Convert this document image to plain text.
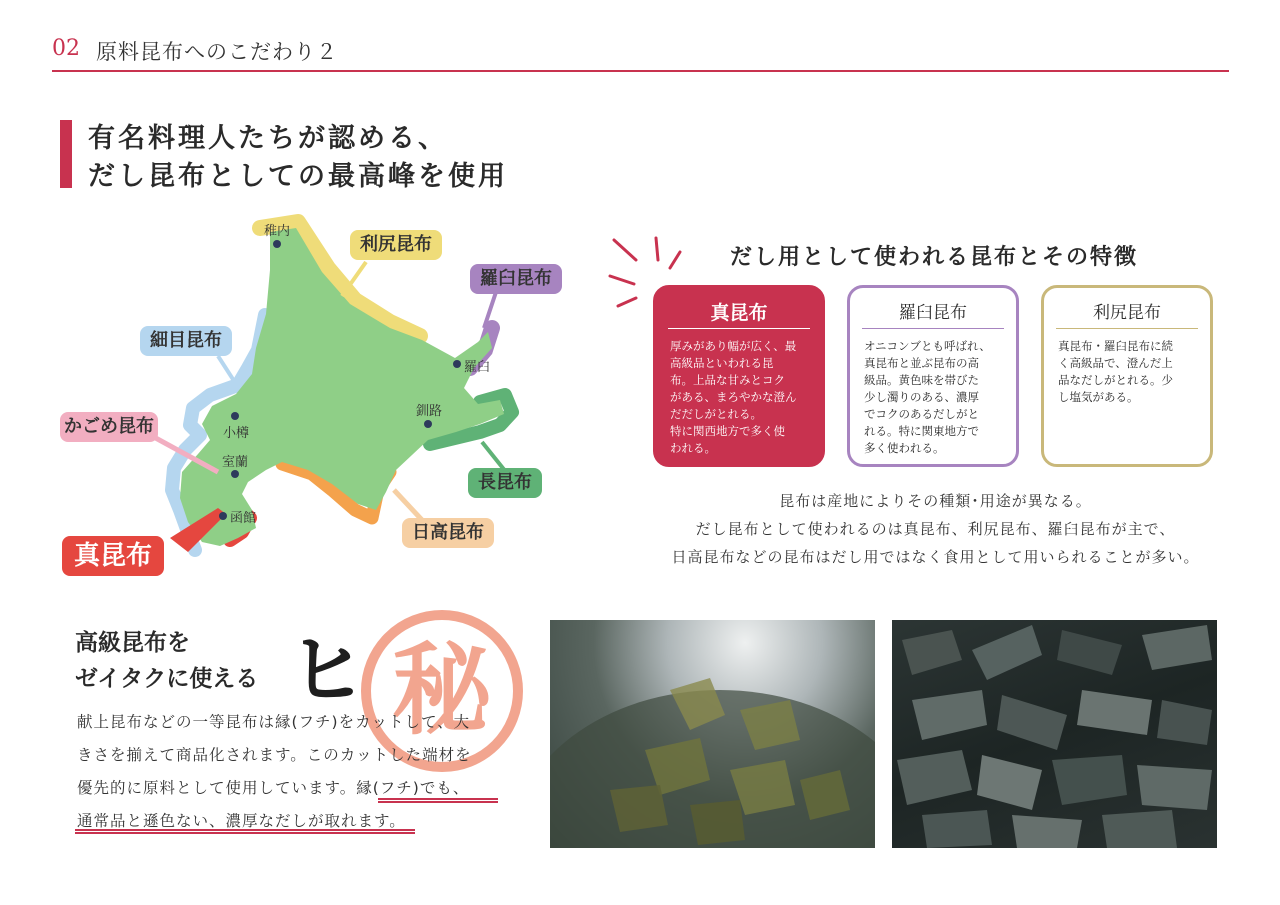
02 原料昆布へのこだわり２
有名料理人たちが認める、
だし昆布としての最高峰を使用
稚内
羅臼
釧路
小樽
室蘭
函館
利尻昆布
羅臼昆布
細目昆布
かごめ昆布
長昆布
日高昆布
真昆布
だし用として使われる昆布とその特徴
真昆布
厚みがあり幅が広く、最
高級品といわれる昆
布。上品な甘みとコク
がある、まろやかな澄ん
だだしがとれる。
特に関西地方で多く使
われる。
羅臼昆布
オニコンブとも呼ばれ、
真昆布と並ぶ昆布の高
級品。黄色味を帯びた
少し濁りのある、濃厚
でコクのあるだしがと
れる。特に関東地方で
多く使われる。
利尻昆布
真昆布・羅臼昆布に続
く高級品で、澄んだ上
品なだしがとれる。少
し塩気がある。
昆布は産地によりその種類･用途が異なる。
だし昆布として使われるのは真昆布、利尻昆布、羅臼昆布が主で、
日高昆布などの昆布はだし用ではなく食用として用いられることが多い。
秘
高級昆布を
ゼイタクに使える ヒ
献上昆布などの一等昆布は縁(フチ)をカットして、大
きさを揃えて商品化されます。このカットした端材を
優先的に原料として使用しています。縁(フチ)でも、
通常品と遜色ない、濃厚なだしが取れます。
